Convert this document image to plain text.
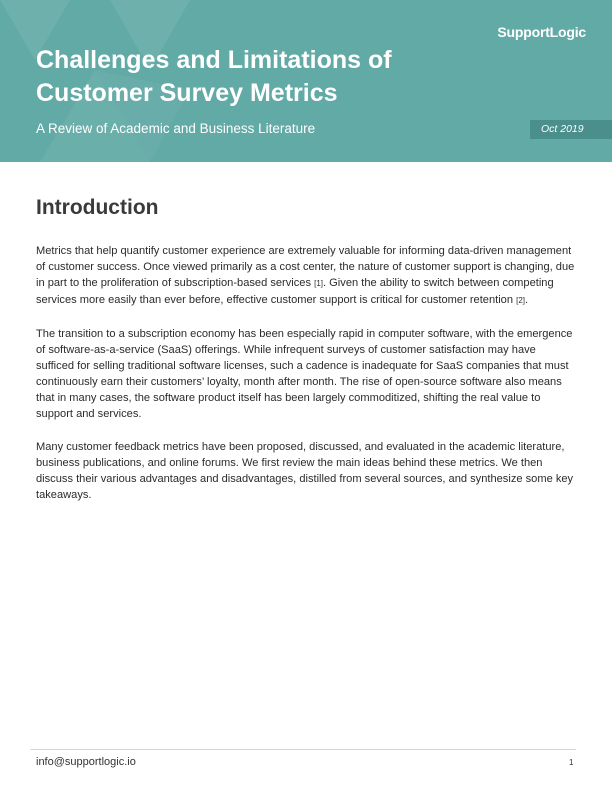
SupportLogic
Challenges and Limitations of
Customer Survey Metrics
A Review of Academic and Business Literature	Oct 2019
Introduction

Metrics that help quantify customer experience are extremely valuable for informing data-driven management of customer success. Once viewed primarily as a cost center, the nature of customer support is changing, due in part to the proliferation of subscription-based services [1]. Given the ability to switch between competing services more easily than ever before, effective customer support is critical for customer retention [2].

The transition to a subscription economy has been especially rapid in computer software, with the emergence of software-as-a-service (SaaS) offerings. While infrequent surveys of customer satisfaction may have sufficed for selling traditional software licenses, such a cadence is inadequate for SaaS companies that must continuously earn their customers’ loyalty, month after month. The rise of open-source software also means that in many cases, the software product itself has been largely commoditized, shifting the real value to support and services.

Many customer feedback metrics have been proposed, discussed, and evaluated in the academic literature, business publications, and online forums. We first review the main ideas behind these metrics. We then discuss their various advantages and disadvantages, distilled from several sources, and synthesize some key takeaways.

info@supportlogic.io	1
